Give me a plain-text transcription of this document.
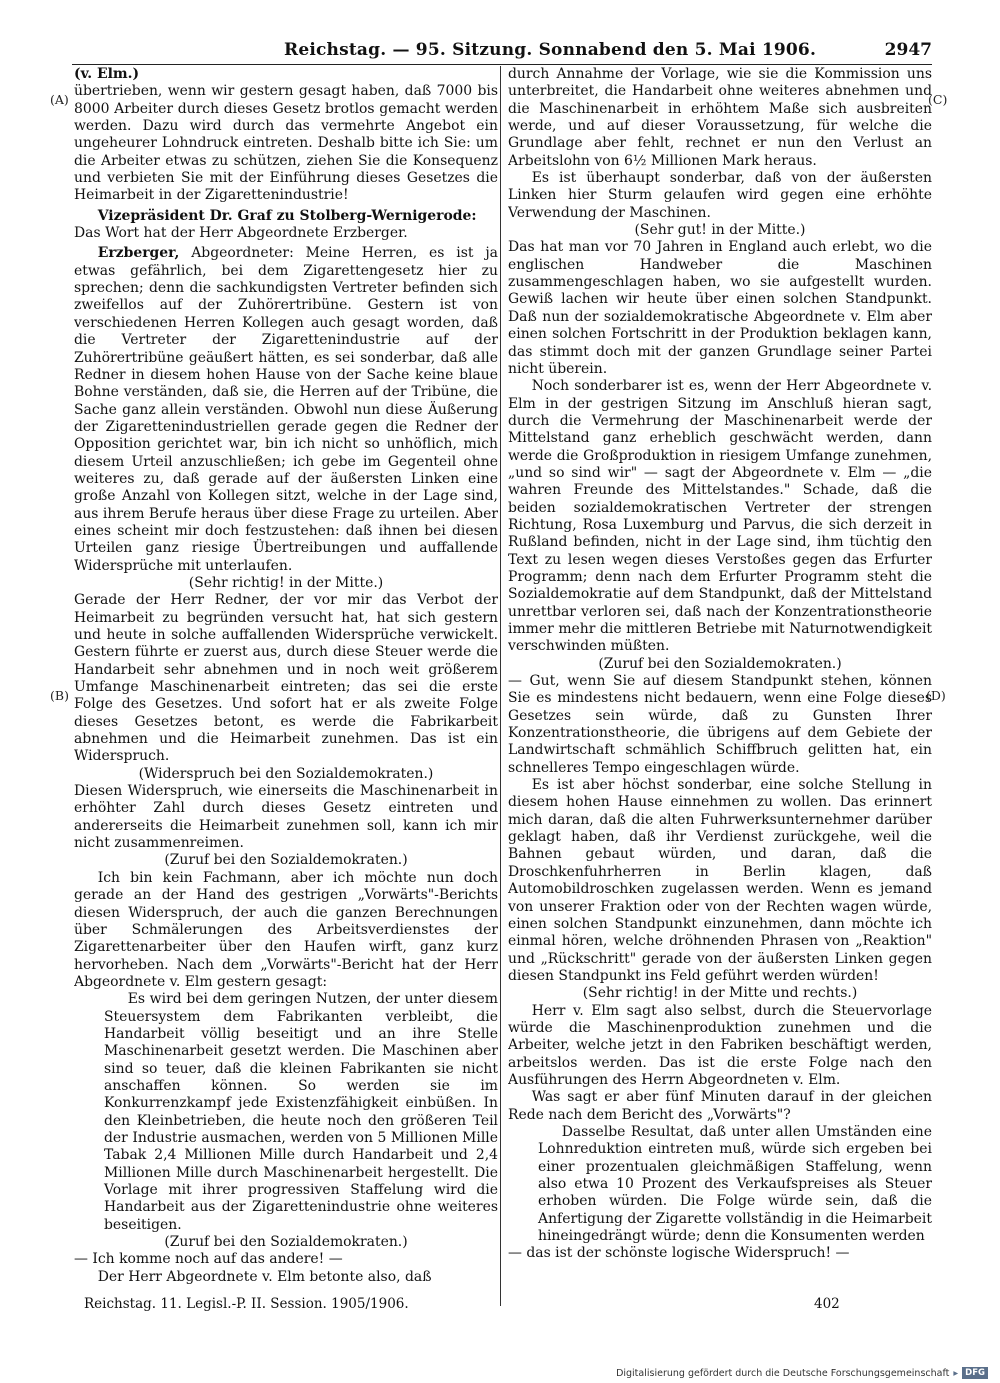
Reichstag. — 95. Sitzung. Sonnabend den 5. Mai 1906.	2947
(A)
(B)
(C)
(D)

(v. Elm.)

übertrieben, wenn wir gestern gesagt haben, daß 7000 bis 8000 Arbeiter durch dieses Gesetz brotlos gemacht werden werden. Dazu wird durch das vermehrte Angebot ein ungeheurer Lohndruck eintreten. Deshalb bitte ich Sie: um die Arbeiter etwas zu schützen, ziehen Sie die Konsequenz und verbieten Sie mit der Einführung dieses Gesetzes die Heimarbeit in der Zigarettenindustrie!

Vizepräsident Dr. Graf zu Stolberg-Wernigerode:

Das Wort hat der Herr Abgeordnete Erzberger.

Erzberger, Abgeordneter: Meine Herren, es ist ja etwas gefährlich, bei dem Zigarettengesetz hier zu sprechen; denn die sachkundigsten Vertreter befinden sich zweifellos auf der Zuhörertribüne. Gestern ist von verschiedenen Herren Kollegen auch gesagt worden, daß die Vertreter der Zigarettenindustrie auf der Zuhörertribüne geäußert hätten, es sei sonderbar, daß alle Redner in diesem hohen Hause von der Sache keine blaue Bohne verständen, daß sie, die Herren auf der Tribüne, die Sache ganz allein verständen. Obwohl nun diese Äußerung der Zigarettenindustriellen gerade gegen die Redner der Opposition gerichtet war, bin ich nicht so unhöflich, mich diesem Urteil anzuschließen; ich gebe im Gegenteil ohne weiteres zu, daß gerade auf der äußersten Linken eine große Anzahl von Kollegen sitzt, welche in der Lage sind, aus ihrem Berufe heraus über diese Frage zu urteilen. Aber eines scheint mir doch festzustehen: daß ihnen bei diesen Urteilen ganz riesige Übertreibungen und auffallende Widersprüche mit unterlaufen.

(Sehr richtig! in der Mitte.)

Gerade der Herr Redner, der vor mir das Verbot der Heimarbeit zu begründen versucht hat, hat sich gestern und heute in solche auffallenden Widersprüche verwickelt. Gestern führte er zuerst aus, durch diese Steuer werde die Handarbeit sehr abnehmen und in noch weit größerem Umfange Maschinenarbeit eintreten; das sei die erste Folge des Gesetzes. Und sofort hat er als zweite Folge dieses Gesetzes betont, es werde die Fabrikarbeit abnehmen und die Heimarbeit zunehmen. Das ist ein Widerspruch.

(Widerspruch bei den Sozialdemokraten.)

Diesen Widerspruch, wie einerseits die Maschinenarbeit in erhöhter Zahl durch dieses Gesetz eintreten und andererseits die Heimarbeit zunehmen soll, kann ich mir nicht zusammenreimen.

(Zuruf bei den Sozialdemokraten.)

Ich bin kein Fachmann, aber ich möchte nun doch gerade an der Hand des gestrigen „Vorwärts"-Berichts diesen Widerspruch, der auch die ganzen Berechnungen über Schmälerungen des Arbeitsverdienstes der Zigarettenarbeiter über den Haufen wirft, ganz kurz hervorheben. Nach dem „Vorwärts"-Bericht hat der Herr Abgeordnete v. Elm gestern gesagt:

Es wird bei dem geringen Nutzen, der unter diesem Steuersystem dem Fabrikanten verbleibt, die Handarbeit völlig beseitigt und an ihre Stelle Maschinenarbeit gesetzt werden. Die Maschinen aber sind so teuer, daß die kleinen Fabrikanten sie nicht anschaffen können. So werden sie im Konkurrenzkampf jede Existenzfähigkeit einbüßen. In den Kleinbetrieben, die heute noch den größeren Teil der Industrie ausmachen, werden von 5 Millionen Mille Tabak 2,4 Millionen Mille durch Handarbeit und 2,4 Millionen Mille durch Maschinenarbeit hergestellt. Die Vorlage mit ihrer progressiven Staffelung wird die Handarbeit aus der Zigarettenindustrie ohne weiteres beseitigen.

(Zuruf bei den Sozialdemokraten.)

— Ich komme noch auf das andere! —

Der Herr Abgeordnete v. Elm betonte also, daß

durch Annahme der Vorlage, wie sie die Kommission uns unterbreitet, die Handarbeit ohne weiteres abnehmen und die Maschinenarbeit in erhöhtem Maße sich ausbreiten werde, und auf dieser Voraussetzung, für welche die Grundlage aber fehlt, rechnet er nun den Verlust an Arbeitslohn von 6½ Millionen Mark heraus.

Es ist überhaupt sonderbar, daß von der äußersten Linken hier Sturm gelaufen wird gegen eine erhöhte Verwendung der Maschinen.

(Sehr gut! in der Mitte.)

Das hat man vor 70 Jahren in England auch erlebt, wo die englischen Handweber die Maschinen zusammengeschlagen haben, wo sie aufgestellt wurden. Gewiß lachen wir heute über einen solchen Standpunkt. Daß nun der sozialdemokratische Abgeordnete v. Elm aber einen solchen Fortschritt in der Produktion beklagen kann, das stimmt doch mit der ganzen Grundlage seiner Partei nicht überein.

Noch sonderbarer ist es, wenn der Herr Abgeordnete v. Elm in der gestrigen Sitzung im Anschluß hieran sagt, durch die Vermehrung der Maschinenarbeit werde der Mittelstand ganz erheblich geschwächt werden, dann werde die Großproduktion in riesigem Umfange zunehmen, „und so sind wir" — sagt der Abgeordnete v. Elm — „die wahren Freunde des Mittelstandes." Schade, daß die beiden sozialdemokratischen Vertreter der strengen Richtung, Rosa Luxemburg und Parvus, die sich derzeit in Rußland befinden, nicht in der Lage sind, ihm tüchtig den Text zu lesen wegen dieses Verstoßes gegen das Erfurter Programm; denn nach dem Erfurter Programm steht die Sozialdemokratie auf dem Standpunkt, daß der Mittelstand unrettbar verloren sei, daß nach der Konzentrationstheorie immer mehr die mittleren Betriebe mit Naturnotwendigkeit verschwinden müßten.

(Zuruf bei den Sozialdemokraten.)

— Gut, wenn Sie auf diesem Standpunkt stehen, können Sie es mindestens nicht bedauern, wenn eine Folge dieses Gesetzes sein würde, daß zu Gunsten Ihrer Konzentrationstheorie, die übrigens auf dem Gebiete der Landwirtschaft schmählich Schiffbruch gelitten hat, ein schnelleres Tempo eingeschlagen würde.

Es ist aber höchst sonderbar, eine solche Stellung in diesem hohen Hause einnehmen zu wollen. Das erinnert mich daran, daß die alten Fuhrwerksunternehmer darüber geklagt haben, daß ihr Verdienst zurückgehe, weil die Bahnen gebaut würden, und daran, daß die Droschkenfuhrherren in Berlin klagen, daß Automobildroschken zugelassen werden. Wenn es jemand von unserer Fraktion oder von der Rechten wagen würde, einen solchen Standpunkt einzunehmen, dann möchte ich einmal hören, welche dröhnenden Phrasen von „Reaktion" und „Rückschritt" gerade von der äußersten Linken gegen diesen Standpunkt ins Feld geführt werden würden!

(Sehr richtig! in der Mitte und rechts.)

Herr v. Elm sagt also selbst, durch die Steuervorlage würde die Maschinenproduktion zunehmen und die Arbeiter, welche jetzt in den Fabriken beschäftigt werden, arbeitslos werden. Das ist die erste Folge nach den Ausführungen des Herrn Abgeordneten v. Elm.

Was sagt er aber fünf Minuten darauf in der gleichen Rede nach dem Bericht des „Vorwärts"?

Dasselbe Resultat, daß unter allen Umständen eine Lohnreduktion eintreten muß, würde sich ergeben bei einer prozentualen gleichmäßigen Staffelung, wenn also etwa 10 Prozent des Verkaufspreises als Steuer erhoben würden. Die Folge würde sein, daß die Anfertigung der Zigarette vollständig in die Heimarbeit hineingedrängt würde; denn die Konsumenten werden

— das ist der schönste logische Widerspruch! —

Reichstag. 11. Legisl.-P. II. Session. 1905/1906.	402
Digitalisierung gefördert durch die Deutsche Forschungsgemeinschaft ▸ DFG
